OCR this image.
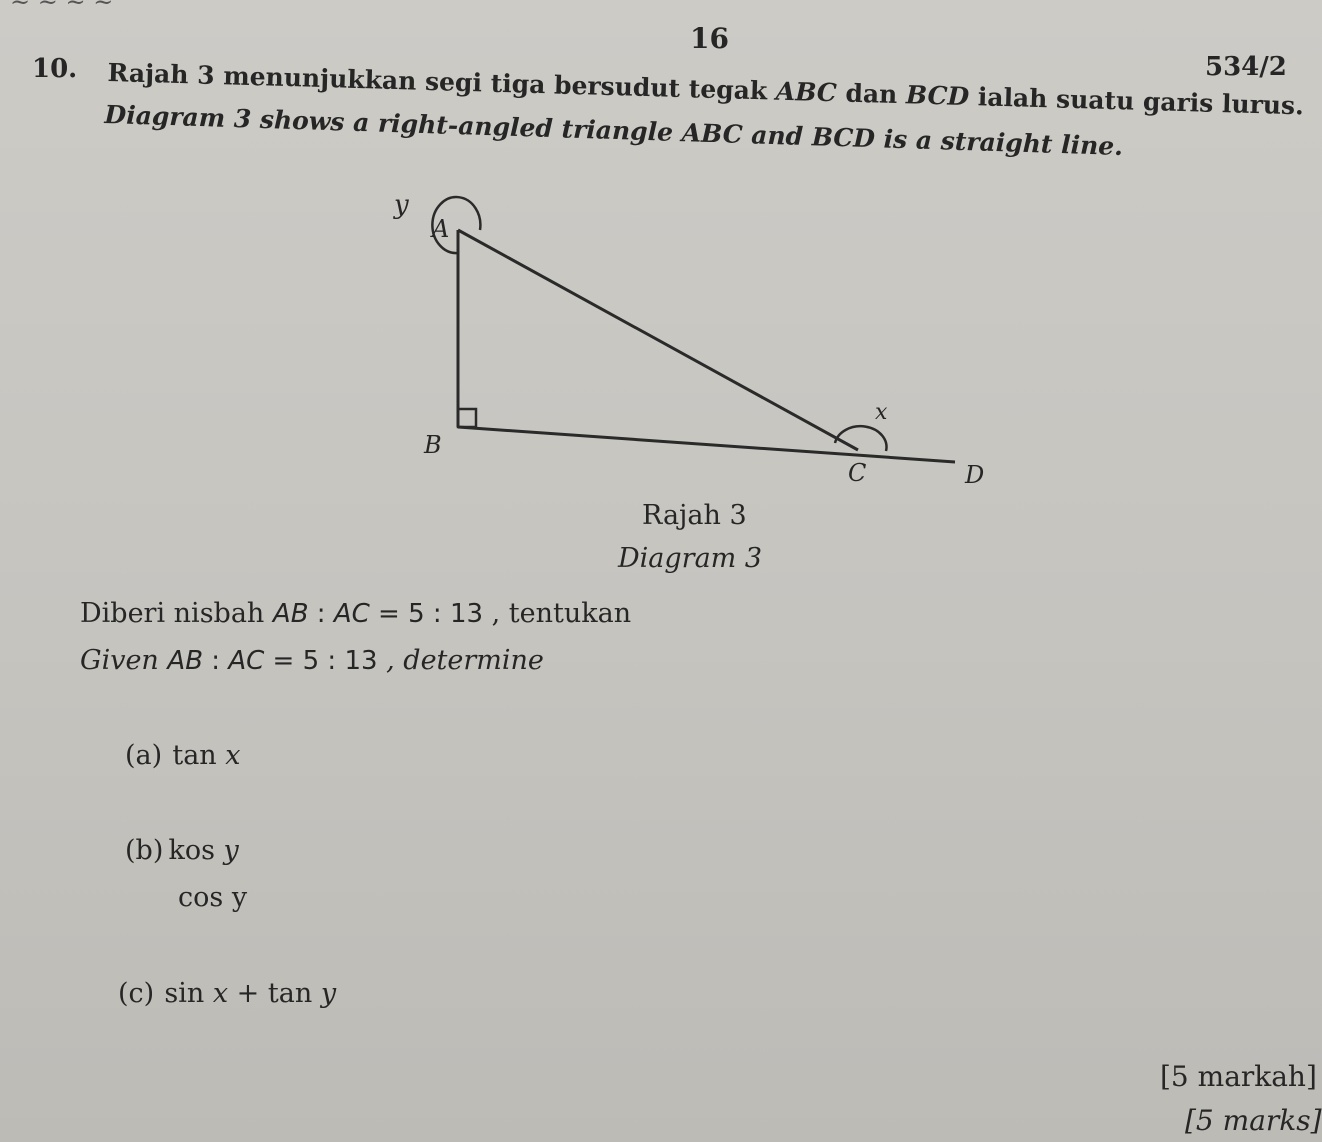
~ ~ ~ ~
16
534/2
10. Rajah 3 menunjukkan segi tiga bersudut tegak ABC dan BCD ialah suatu garis lurus.
Diagram 3 shows a right-angled triangle ABC and BCD is a straight line.
y
A
B
x
C	D
Rajah 3
Diagram 3
Diberi nisbah AB : AC = 5 : 13 , tentukan
Given AB : AC = 5 : 13 , determine
(a) tan x
(b) kos y
cos y
(c) sin x + tan y
[5 markah]
[5 marks]
